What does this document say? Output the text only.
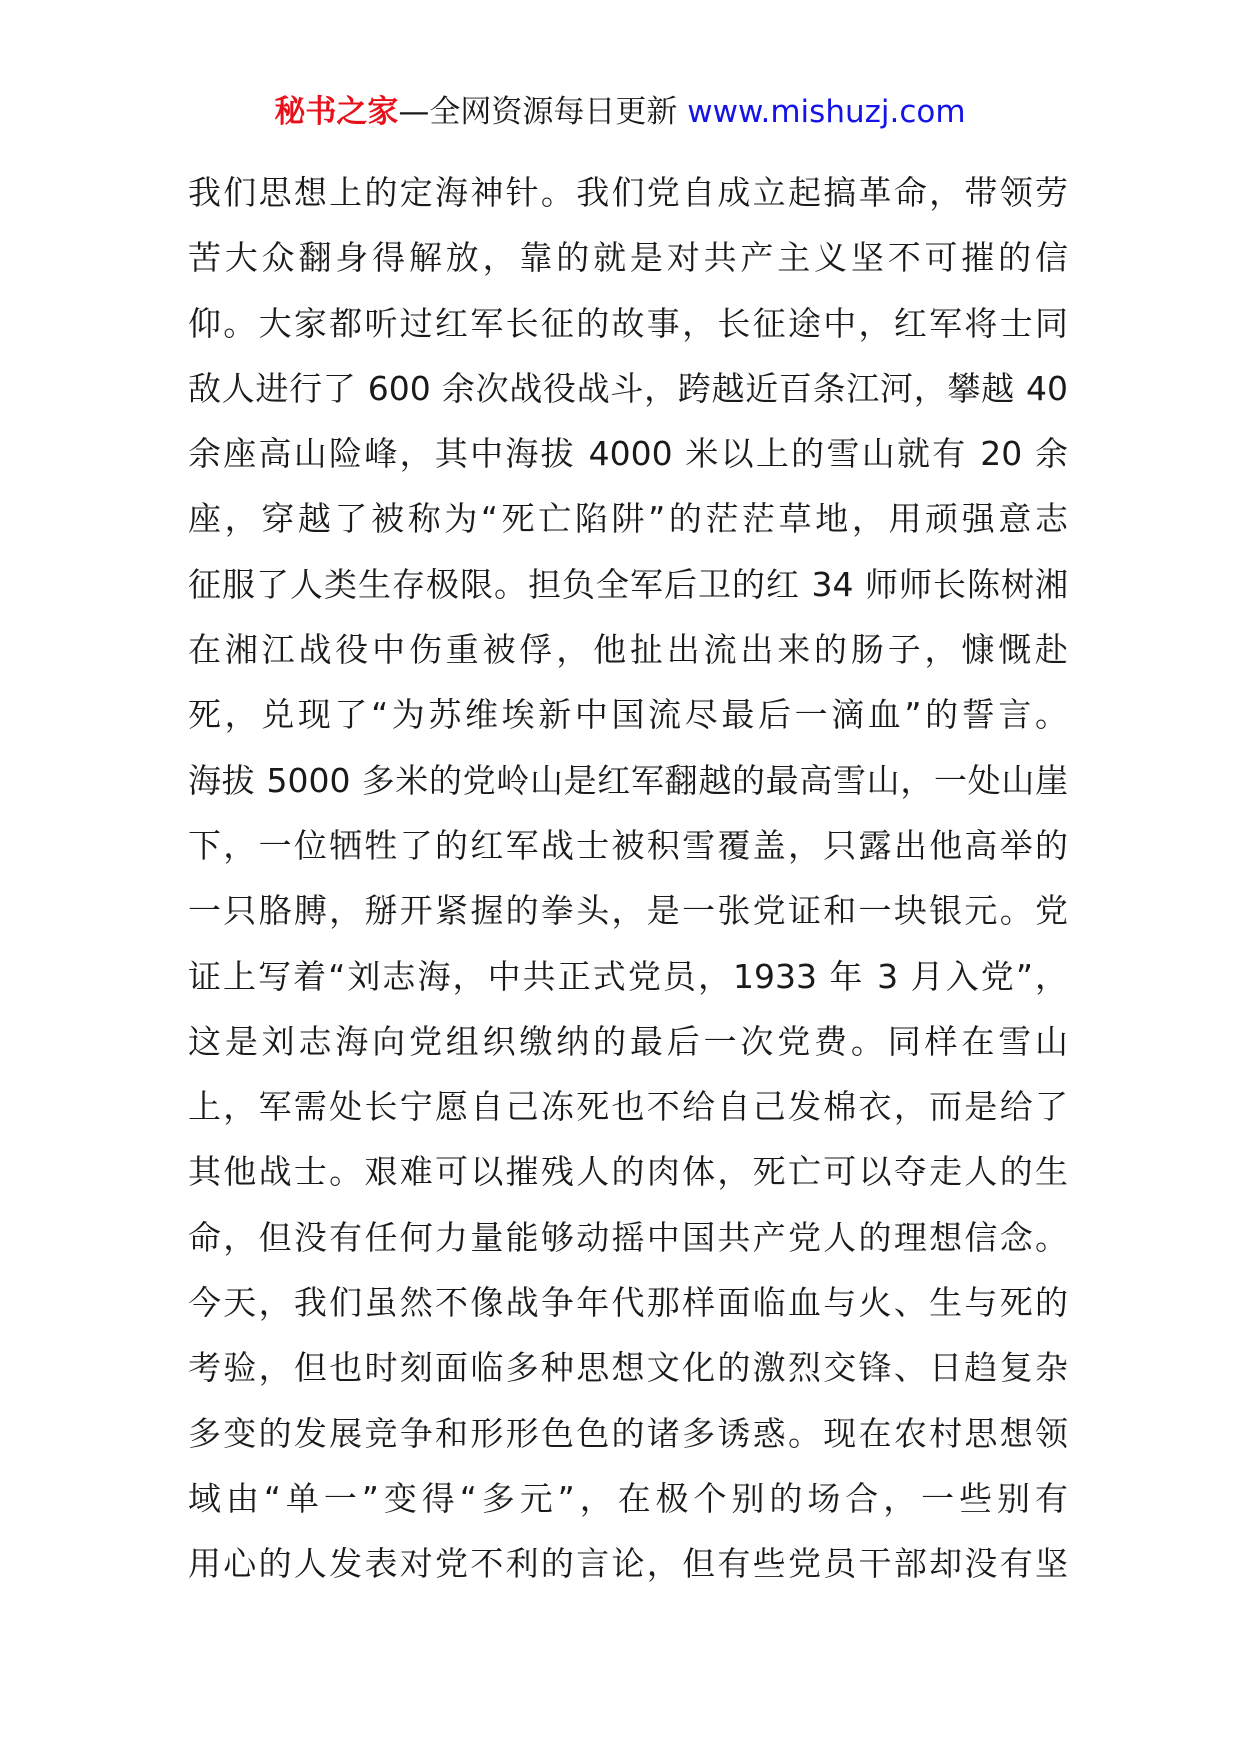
秘书之家—全网资源每日更新 www.mishuzj.com
我们思想上的定海神针。我们党自成立起搞革命，带领劳
苦大众翻身得解放，靠的就是对共产主义坚不可摧的信
仰。大家都听过红军长征的故事，长征途中，红军将士同
敌人进行了 600 余次战役战斗，跨越近百条江河，攀越 40
余座高山险峰，其中海拔 4000 米以上的雪山就有 20 余
座，穿越了被称为“死亡陷阱”的茫茫草地，用顽强意志
征服了人类生存极限。担负全军后卫的红 34 师师长陈树湘
在湘江战役中伤重被俘，他扯出流出来的肠子，慷慨赴
死，兑现了“为苏维埃新中国流尽最后一滴血”的誓言。
海拔 5000 多米的党岭山是红军翻越的最高雪山，一处山崖
下，一位牺牲了的红军战士被积雪覆盖，只露出他高举的
一只胳膊，掰开紧握的拳头，是一张党证和一块银元。党
证上写着“刘志海，中共正式党员，1933 年 3 月入党”，
这是刘志海向党组织缴纳的最后一次党费。同样在雪山
上，军需处长宁愿自己冻死也不给自己发棉衣，而是给了
其他战士。艰难可以摧残人的肉体，死亡可以夺走人的生
命，但没有任何力量能够动摇中国共产党人的理想信念。
今天，我们虽然不像战争年代那样面临血与火、生与死的
考验，但也时刻面临多种思想文化的激烈交锋、日趋复杂
多变的发展竞争和形形色色的诸多诱惑。现在农村思想领
域由“单一”变得“多元”，在极个别的场合，一些别有
用心的人发表对党不利的言论，但有些党员干部却没有坚
